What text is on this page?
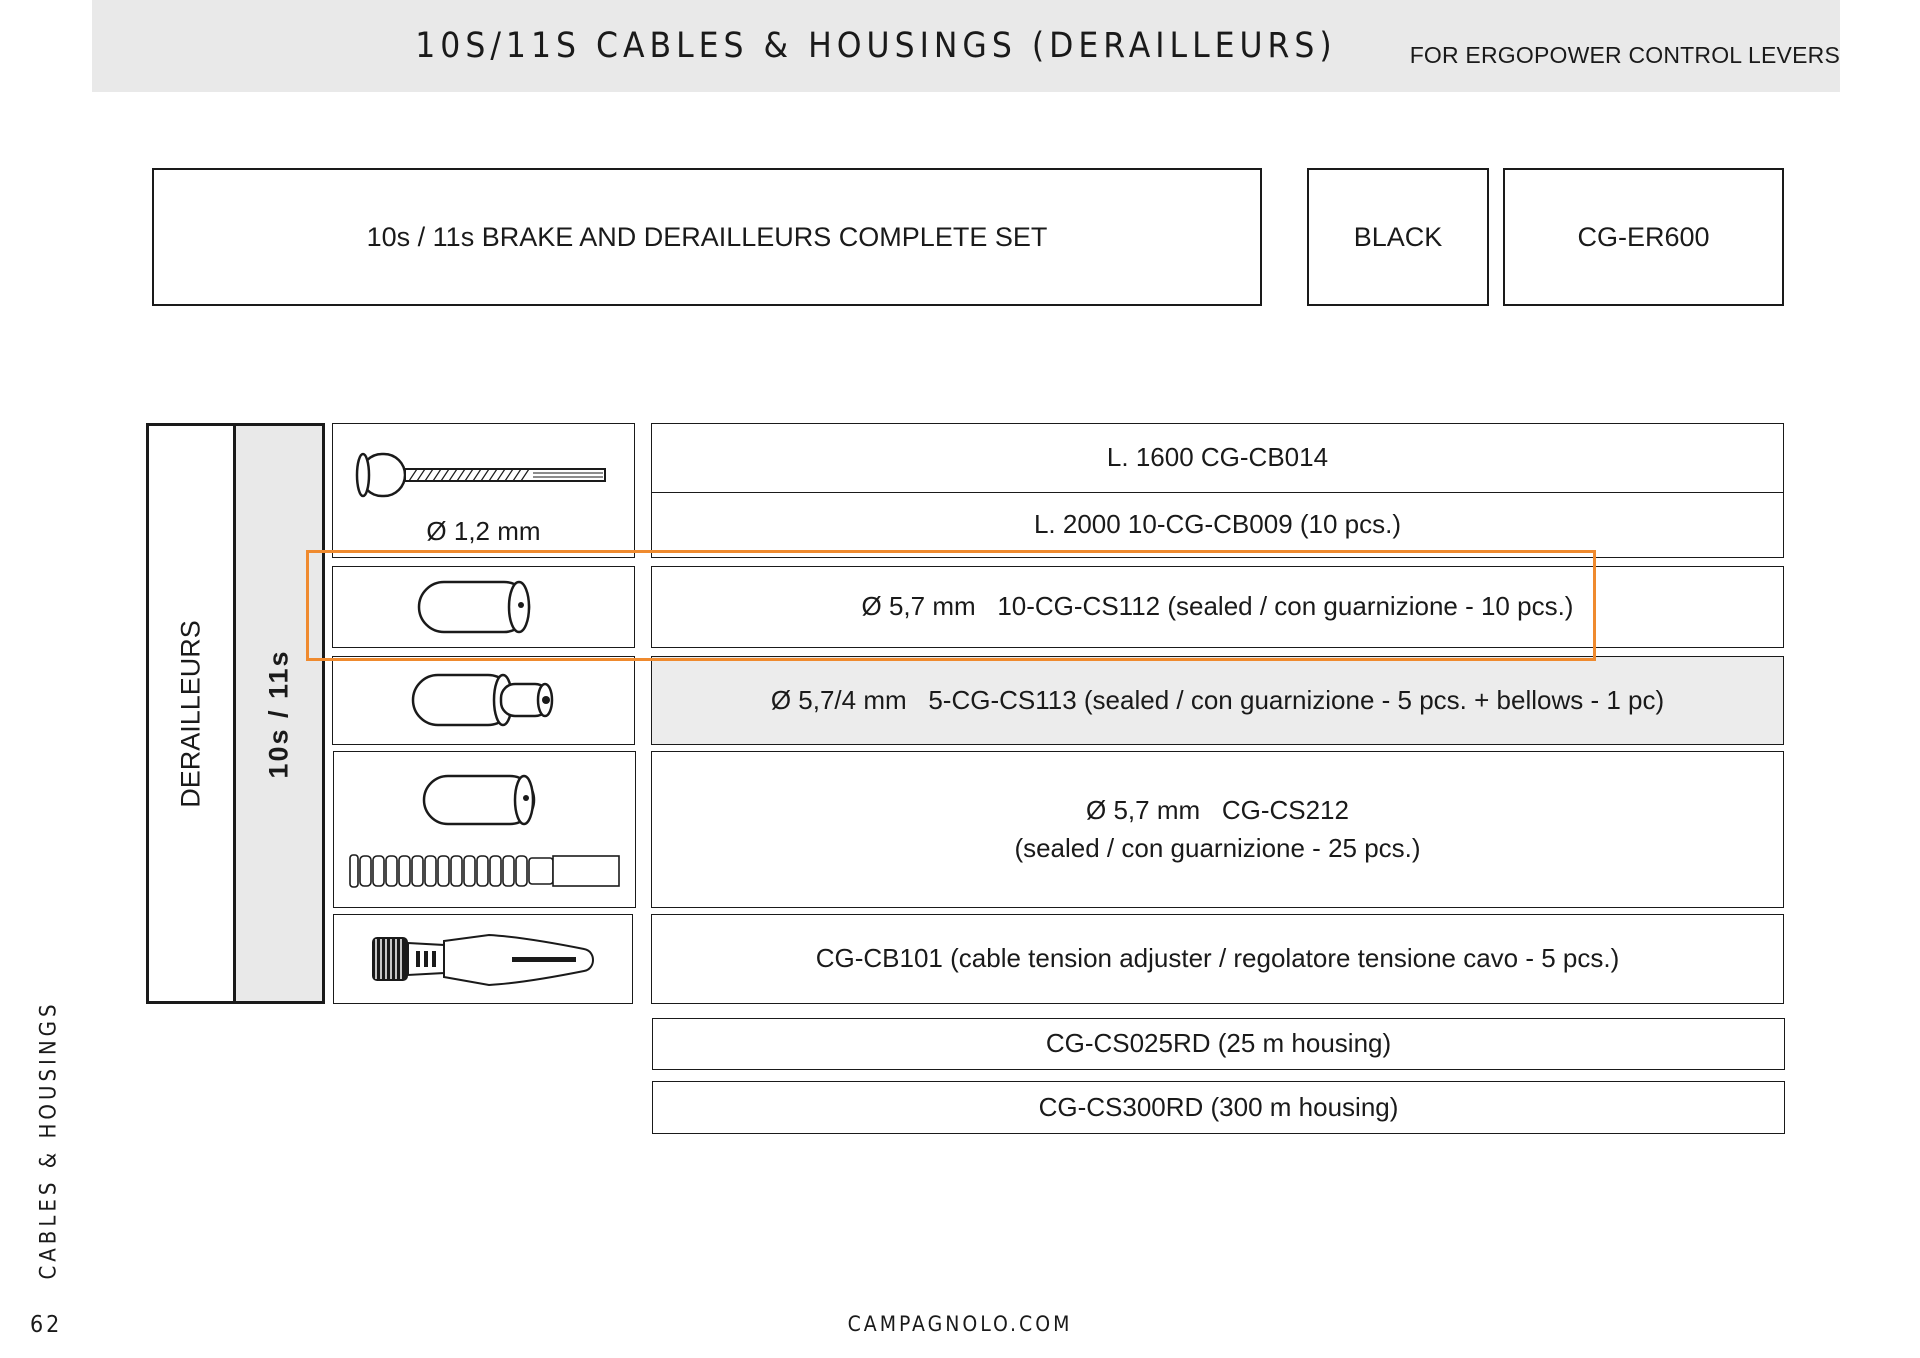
10S/11S CABLES & HOUSINGS (DERAILLEURS)	FOR ERGOPOWER CONTROL LEVERS
10s / 11s BRAKE AND DERAILLEURS COMPLETE SET	BLACK	CG-ER600
DERAILLEURS 10s / 11s
Ø 1,2 mm
L. 1600 CG-CB014
L. 2000 10-CG-CB009 (10 pcs.)
Ø 5,7 mm   10-CG-CS112 (sealed / con guarnizione - 10 pcs.)
Ø 5,7/4 mm   5-CG-CS113 (sealed / con guarnizione - 5 pcs. + bellows - 1 pc)
Ø 5,7 mm   CG-CS212
(sealed / con guarnizione - 25 pcs.)
CG-CB101 (cable tension adjuster / regolatore tensione cavo - 5 pcs.)
CG-CS025RD (25 m housing)
CG-CS300RD (300 m housing)
CABLES & HOUSINGS
62	CAMPAGNOLO.COM
